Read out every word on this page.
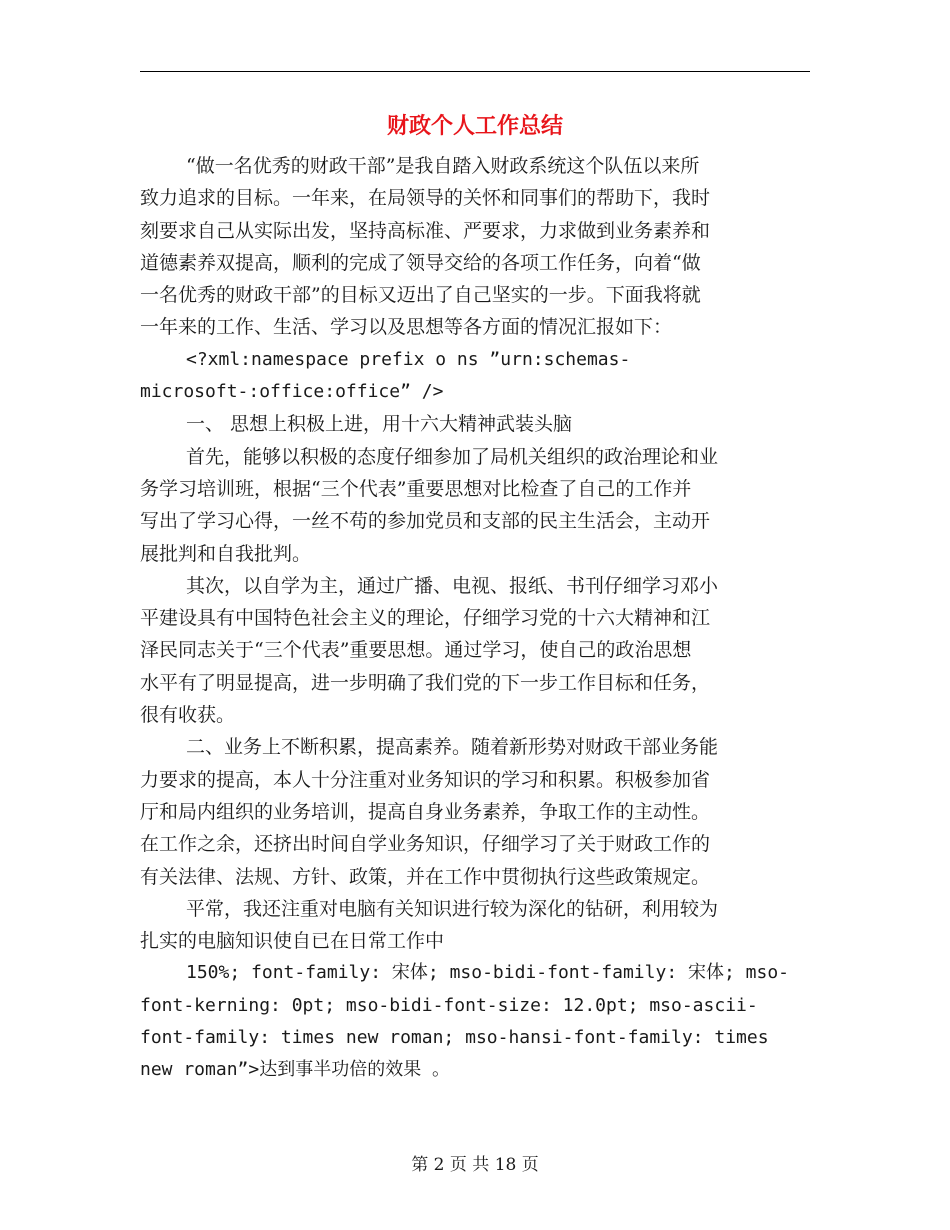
财政个人工作总结
“做一名优秀的财政干部”是我自踏入财政系统这个队伍以来所
致力追求的目标。一年来，在局领导的关怀和同事们的帮助下，我时
刻要求自己从实际出发，坚持高标准、严要求，力求做到业务素养和
道德素养双提高，顺利的完成了领导交给的各项工作任务，向着“做
一名优秀的财政干部”的目标又迈出了自己坚实的一步。下面我将就
一年来的工作、生活、学习以及思想等各方面的情况汇报如下：
<?xml:namespace prefix o ns ”urn:schemas-
microsoft-:office:office” />
一、 思想上积极上进，用十六大精神武装头脑
首先，能够以积极的态度仔细参加了局机关组织的政治理论和业
务学习培训班，根据“三个代表”重要思想对比检查了自己的工作并
写出了学习心得，一丝不苟的参加党员和支部的民主生活会，主动开
展批判和自我批判。
其次，以自学为主，通过广播、电视、报纸、书刊仔细学习邓小
平建设具有中国特色社会主义的理论，仔细学习党的十六大精神和江
泽民同志关于“三个代表”重要思想。通过学习，使自己的政治思想
水平有了明显提高，进一步明确了我们党的下一步工作目标和任务，
很有收获。
二、业务上不断积累，提高素养。随着新形势对财政干部业务能
力要求的提高，本人十分注重对业务知识的学习和积累。积极参加省
厅和局内组织的业务培训，提高自身业务素养，争取工作的主动性。
在工作之余，还挤出时间自学业务知识，仔细学习了关于财政工作的
有关法律、法规、方针、政策，并在工作中贯彻执行这些政策规定。
平常，我还注重对电脑有关知识进行较为深化的钻研，利用较为
扎实的电脑知识使自已在日常工作中
150%; font-family: 宋体; mso-bidi-font-family: 宋体; mso-
font-kerning: 0pt; mso-bidi-font-size: 12.0pt; mso-ascii-
font-family: times new roman; mso-hansi-font-family: times
new roman”>达到事半功倍的效果 。
第 2 页 共 18 页
